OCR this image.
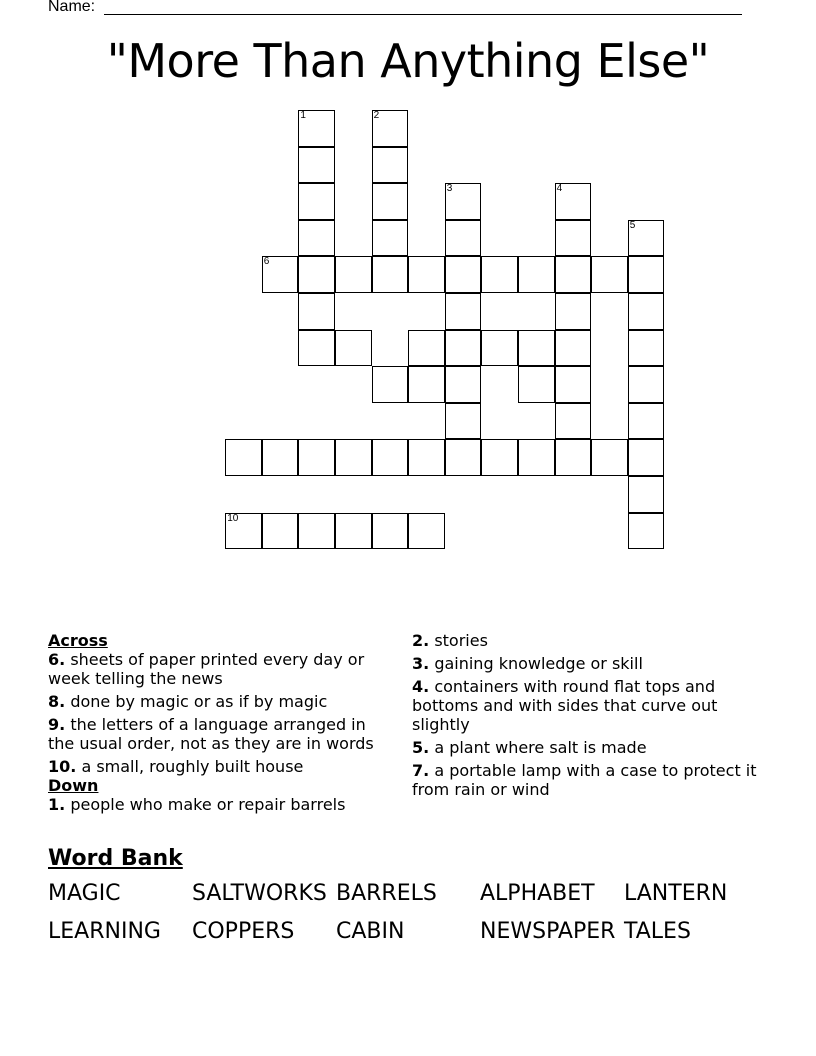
Name:
"More Than Anything Else"
1	2
3	4
5
6
10
Across
6. sheets of paper printed every day or week telling the news
8. done by magic or as if by magic
9. the letters of a language arranged in the usual order, not as they are in words
10. a small, roughly built house
Down
1. people who make or repair barrels
2. stories
3. gaining knowledge or skill
4. containers with round flat tops and bottoms and with sides that curve out slightly
5. a plant where salt is made
7. a portable lamp with a case to protect it from rain or wind
Word Bank
MAGIC	SALTWORKS BARRELS ALPHABET LANTERN
LEARNING COPPERS CABIN	NEWSPAPER TALES
